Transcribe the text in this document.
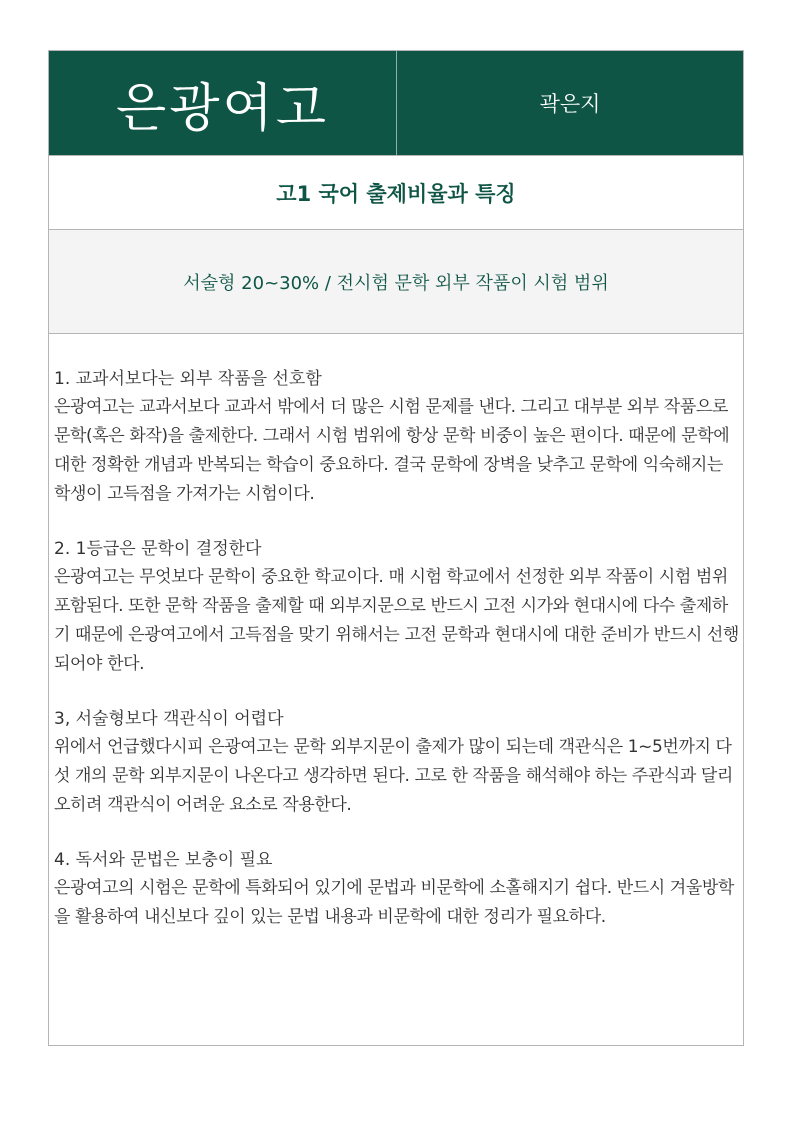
은광여고	곽은지
고1 국어 출제비율과 특징
서술형 20~30% / 전시험 문학 외부 작품이 시험 범위
1. 교과서보다는 외부 작품을 선호함
은광여고는 교과서보다 교과서 밖에서 더 많은 시험 문제를 낸다. 그리고 대부분 외부 작품으로 문학(혹은 화작)을 출제한다. 그래서 시험 범위에 항상 문학 비중이 높은 편이다. 때문에 문학에 대한 정확한 개념과 반복되는 학습이 중요하다. 결국 문학에 장벽을 낮추고 문학에 익숙해지는 학생이 고득점을 가져가는 시험이다.
2. 1등급은 문학이 결정한다
은광여고는 무엇보다 문학이 중요한 학교이다. 매 시험 학교에서 선정한 외부 작품이 시험 범위 포함된다. 또한 문학 작품을 출제할 때 외부지문으로 반드시 고전 시가와 현대시에 다수 출제하기 때문에 은광여고에서 고득점을 맞기 위해서는 고전 문학과 현대시에 대한 준비가 반드시 선행되어야 한다.
3, 서술형보다 객관식이 어렵다
위에서 언급했다시피 은광여고는 문학 외부지문이 출제가 많이 되는데 객관식은 1~5번까지 다섯 개의 문학 외부지문이 나온다고 생각하면 된다. 고로 한 작품을 해석해야 하는 주관식과 달리 오히려 객관식이 어려운 요소로 작용한다.
4. 독서와 문법은 보충이 필요
은광여고의 시험은 문학에 특화되어 있기에 문법과 비문학에 소홀해지기 쉽다. 반드시 겨울방학을 활용하여 내신보다 깊이 있는 문법 내용과 비문학에 대한 정리가 필요하다.
